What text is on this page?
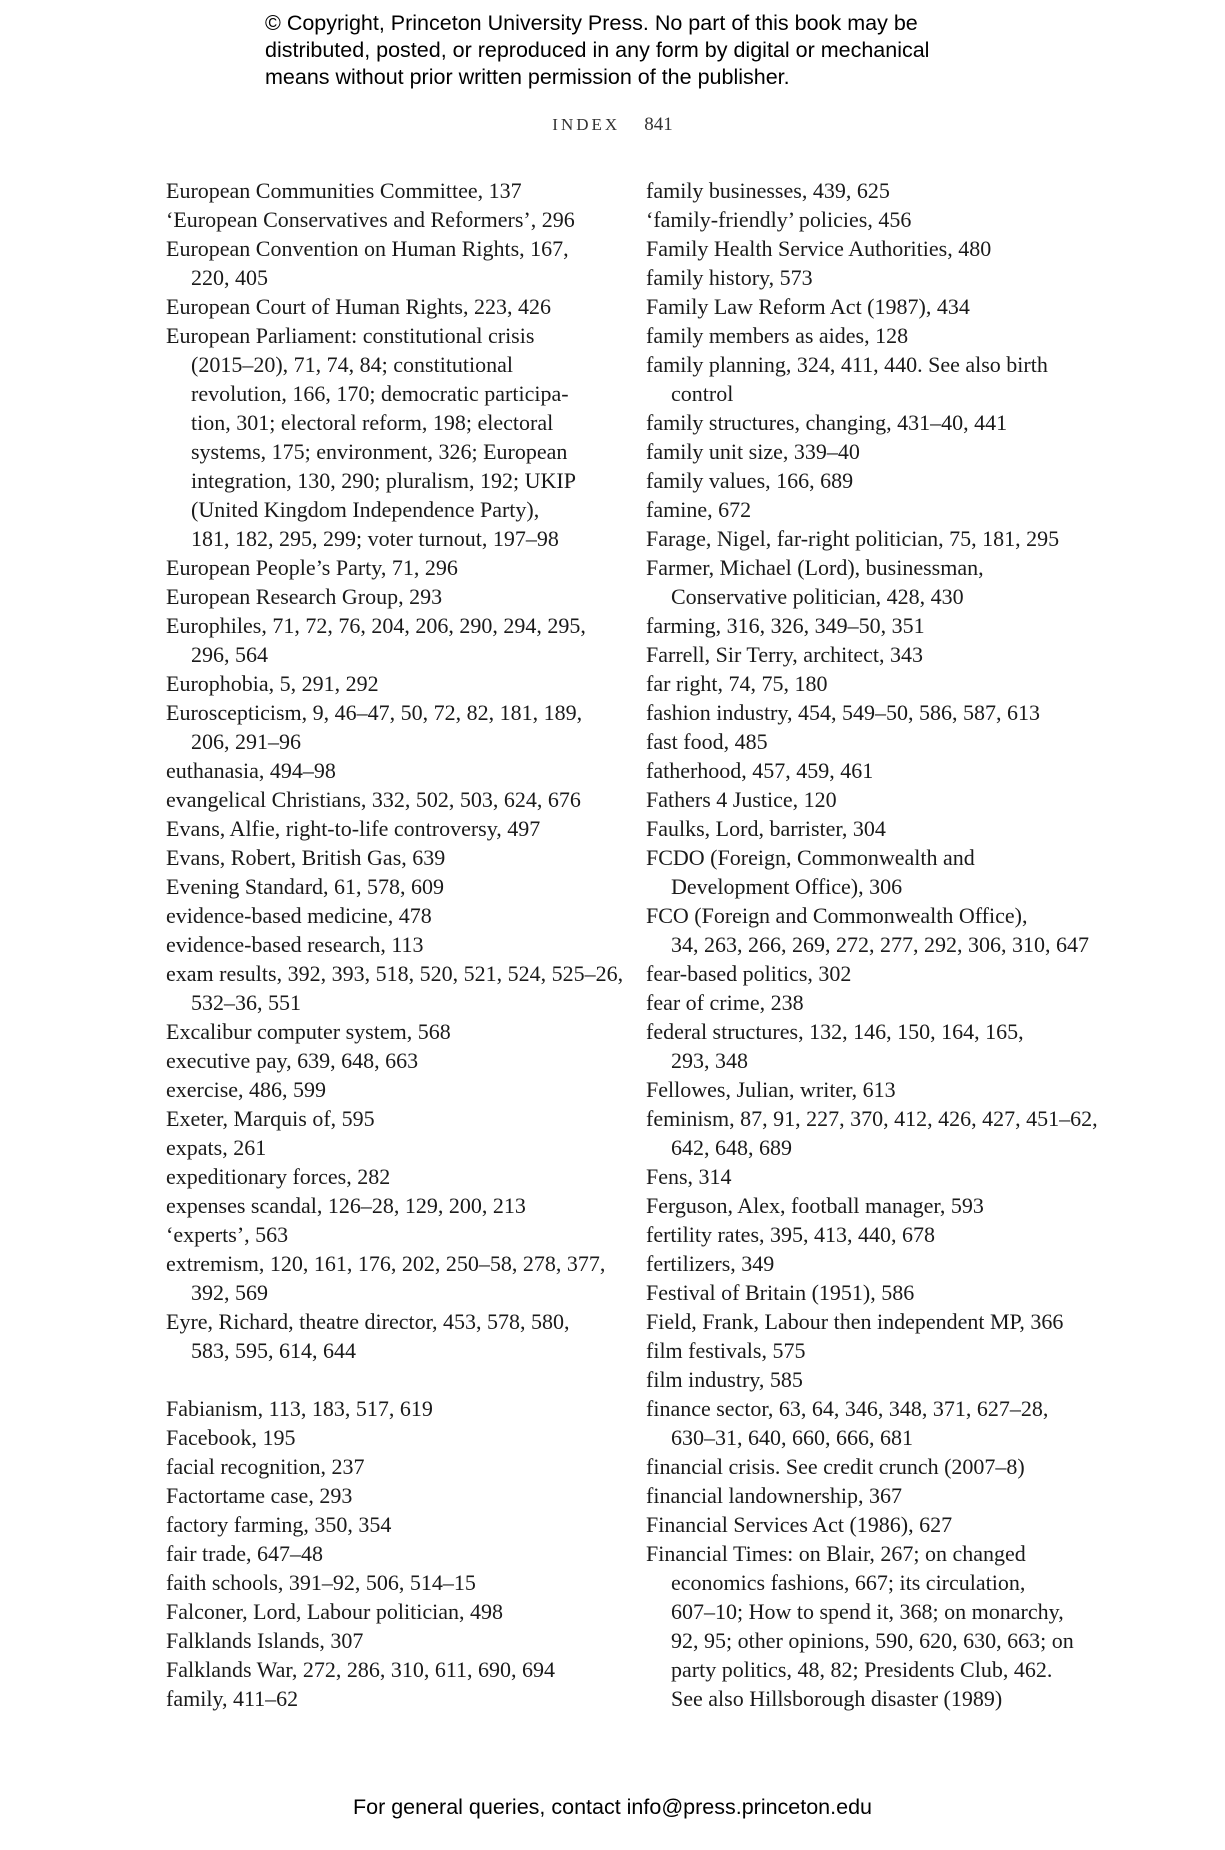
© Copyright, Princeton University Press. No part of this book may be
distributed, posted, or reproduced in any form by digital or mechanical
means without prior written permission of the publisher.
INDEX 841
European Communities Committee, 137
‘European Conservatives and Reformers’, 296
European Convention on Human Rights, 167,
220, 405
European Court of Human Rights, 223, 426
European Parliament: constitutional crisis
(2015–20), 71, 74, 84; constitutional
revolution, 166, 170; democratic participa-
tion, 301; electoral reform, 198; electoral
systems, 175; environment, 326; European
integration, 130, 290; pluralism, 192; UKIP
(United Kingdom Independence Party),
181, 182, 295, 299; voter turnout, 197–98
European People’s Party, 71, 296
European Research Group, 293
Europhiles, 71, 72, 76, 204, 206, 290, 294, 295,
296, 564
Europhobia, 5, 291, 292
Euroscepticism, 9, 46–47, 50, 72, 82, 181, 189,
206, 291–96
euthanasia, 494–98
evangelical Christians, 332, 502, 503, 624, 676
Evans, Alfie, right-to-life controversy, 497
Evans, Robert, British Gas, 639
Evening Standard, 61, 578, 609
evidence-based medicine, 478
evidence-based research, 113
exam results, 392, 393, 518, 520, 521, 524, 525–26,
532–36, 551
Excalibur computer system, 568
executive pay, 639, 648, 663
exercise, 486, 599
Exeter, Marquis of, 595
expats, 261
expeditionary forces, 282
expenses scandal, 126–28, 129, 200, 213
‘experts’, 563
extremism, 120, 161, 176, 202, 250–58, 278, 377,
392, 569
Eyre, Richard, theatre director, 453, 578, 580,
583, 595, 614, 644
Fabianism, 113, 183, 517, 619
Facebook, 195
facial recognition, 237
Factortame case, 293
factory farming, 350, 354
fair trade, 647–48
faith schools, 391–92, 506, 514–15
Falconer, Lord, Labour politician, 498
Falklands Islands, 307
Falklands War, 272, 286, 310, 611, 690, 694
family, 411–62
family businesses, 439, 625
‘family-friendly’ policies, 456
Family Health Service Authorities, 480
family history, 573
Family Law Reform Act (1987), 434
family members as aides, 128
family planning, 324, 411, 440. See also birth
control
family structures, changing, 431–40, 441
family unit size, 339–40
family values, 166, 689
famine, 672
Farage, Nigel, far-right politician, 75, 181, 295
Farmer, Michael (Lord), businessman,
Conservative politician, 428, 430
farming, 316, 326, 349–50, 351
Farrell, Sir Terry, architect, 343
far right, 74, 75, 180
fashion industry, 454, 549–50, 586, 587, 613
fast food, 485
fatherhood, 457, 459, 461
Fathers 4 Justice, 120
Faulks, Lord, barrister, 304
FCDO (Foreign, Commonwealth and
Development Office), 306
FCO (Foreign and Commonwealth Office),
34, 263, 266, 269, 272, 277, 292, 306, 310, 647
fear-based politics, 302
fear of crime, 238
federal structures, 132, 146, 150, 164, 165,
293, 348
Fellowes, Julian, writer, 613
feminism, 87, 91, 227, 370, 412, 426, 427, 451–62,
642, 648, 689
Fens, 314
Ferguson, Alex, football manager, 593
fertility rates, 395, 413, 440, 678
fertilizers, 349
Festival of Britain (1951), 586
Field, Frank, Labour then independent MP, 366
film festivals, 575
film industry, 585
finance sector, 63, 64, 346, 348, 371, 627–28,
630–31, 640, 660, 666, 681
financial crisis. See credit crunch (2007–8)
financial landownership, 367
Financial Services Act (1986), 627
Financial Times: on Blair, 267; on changed
economics fashions, 667; its circulation,
607–10; How to spend it, 368; on monarchy,
92, 95; other opinions, 590, 620, 630, 663; on
party politics, 48, 82; Presidents Club, 462.
See also Hillsborough disaster (1989)
For general queries, contact info@press.princeton.edu
